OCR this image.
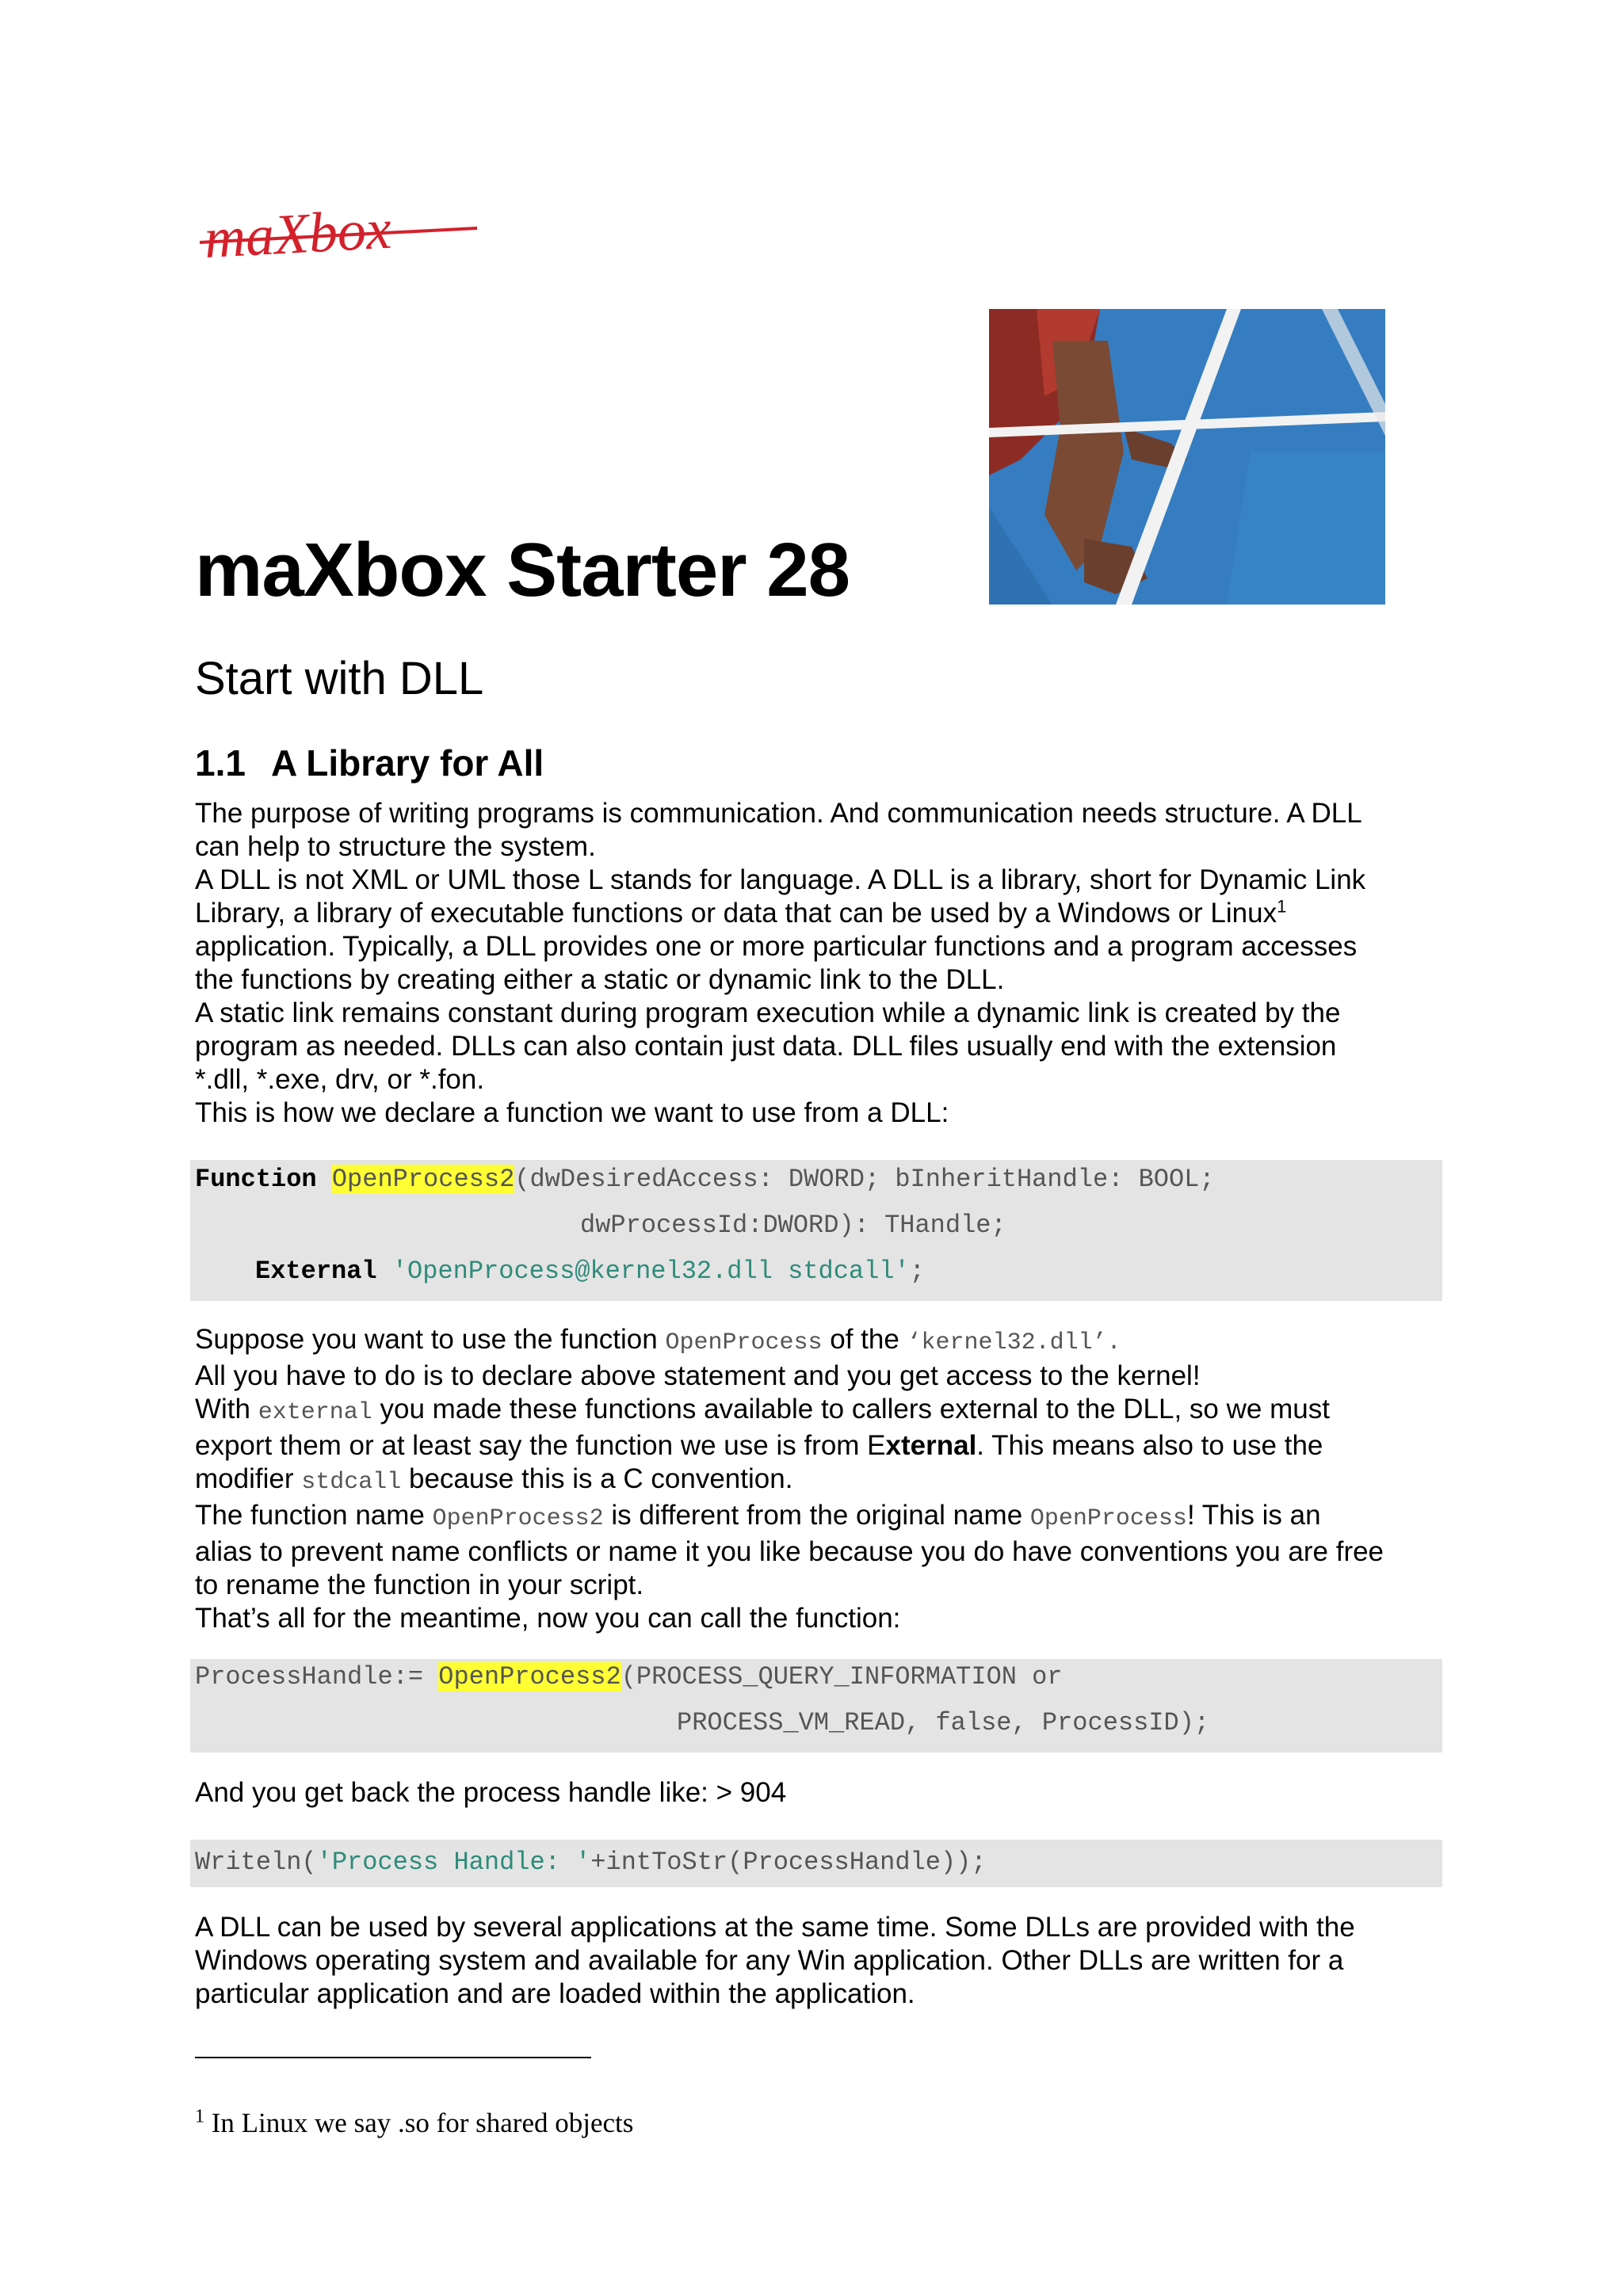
maXbox
maXbox Starter 28
Start with DLL
1.1 A Library for All
The purpose of writing programs is communication. And communication needs structure. A DLL
can help to structure the system.
A DLL is not XML or UML those L stands for language. A DLL is a library, short for Dynamic Link
Library, a library of executable functions or data that can be used by a Windows or Linux$^1$
application. Typically, a DLL provides one or more particular functions and a program accesses
the functions by creating either a static or dynamic link to the DLL.
A static link remains constant during program execution while a dynamic link is created by the
program as needed. DLLs can also contain just data. DLL files usually end with the extension
*.dll, *.exe, drv, or *.fon.
This is how we declare a function we want to use from a DLL:
Function OpenProcess2(dwDesiredAccess: DWORD; bInheritHandle: BOOL;
dwProcessId:DWORD): THandle;
External 'OpenProcess@kernel32.dll stdcall';
Suppose you want to use the function OpenProcess of the ‘kernel32.dll’.
All you have to do is to declare above statement and you get access to the kernel!
With external you made these functions available to callers external to the DLL, so we must
export them or at least say the function we use is from External. This means also to use the
modifier stdcall because this is a C convention.
The function name OpenProcess2 is different from the original name OpenProcess! This is an
alias to prevent name conflicts or name it you like because you do have conventions you are free
to rename the function in your script.
That’s all for the meantime, now you can call the function:
ProcessHandle:= OpenProcess2(PROCESS_QUERY_INFORMATION or
PROCESS_VM_READ, false, ProcessID);
And you get back the process handle like: > 904
Writeln('Process Handle: '+intToStr(ProcessHandle));
A DLL can be used by several applications at the same time. Some DLLs are provided with the
Windows operating system and available for any Win application. Other DLLs are written for a
particular application and are loaded within the application.

$^1$ In Linux we say .so for shared objects
